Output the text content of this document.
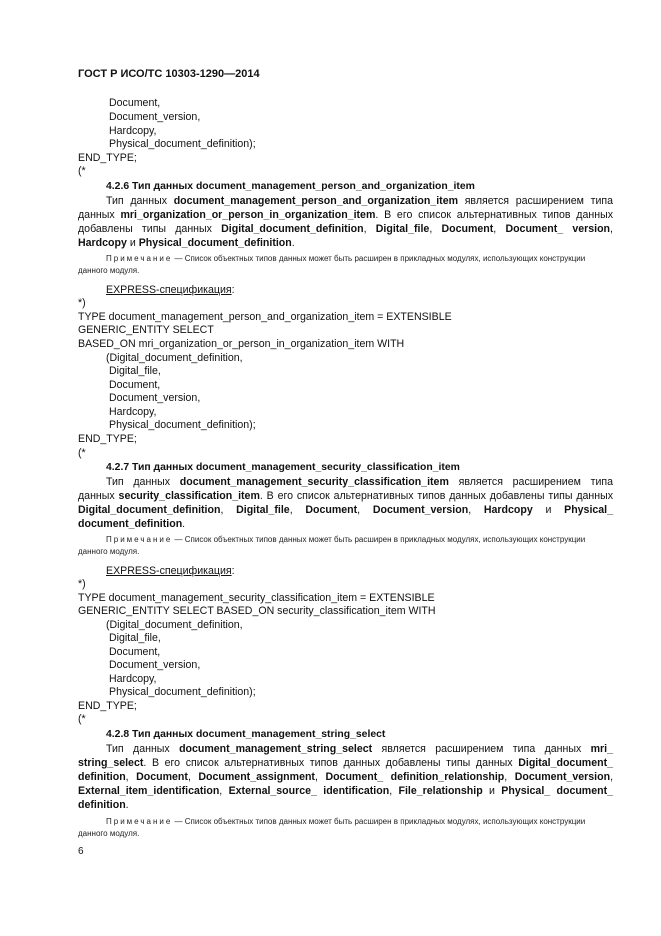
ГОСТ Р ИСО/ТС 10303-1290—2014
Document,
Document_version,
Hardcopy,
Physical_document_definition);
END_TYPE;
(*
4.2.6 Тип данных document_management_person_and_organization_item
Тип данных document_management_person_and_organization_item является расширением типа данных mri_organization_or_person_in_organization_item. В его список альтернативных типов данных добавлены типы данных Digital_document_definition, Digital_file, Document, Document_ version, Hardcopy и Physical_document_definition.
Примечание — Список объектных типов данных может быть расширен в прикладных модулях, использующих конструкции данного модуля.
EXPRESS-спецификация:
*)
TYPE document_management_person_and_organization_item = EXTENSIBLE
GENERIC_ENTITY SELECT
BASED_ON mri_organization_or_person_in_organization_item WITH
(Digital_document_definition,
Digital_file,
Document,
Document_version,
Hardcopy,
Physical_document_definition);
END_TYPE;
(*
4.2.7 Тип данных document_management_security_classification_item
Тип данных document_management_security_classification_item является расширением типа данных security_classification_item. В его список альтернативных типов данных добавлены типы данных Digital_document_definition, Digital_file, Document, Document_version, Hardcopy и Physical_ document_definition.
Примечание — Список объектных типов данных может быть расширен в прикладных модулях, использующих конструкции данного модуля.
EXPRESS-спецификация:
*)
TYPE document_management_security_classification_item = EXTENSIBLE
GENERIC_ENTITY SELECT BASED_ON security_classification_item WITH
(Digital_document_definition,
Digital_file,
Document,
Document_version,
Hardcopy,
Physical_document_definition);
END_TYPE;
(*
4.2.8 Тип данных document_management_string_select
Тип данных document_management_string_select является расширением типа данных mri_ string_select. В его список альтернативных типов данных добавлены типы данных Digital_document_ definition, Document, Document_assignment, Document_ definition_relationship, Document_version, External_item_identification, External_source_ identification, File_relationship и Physical_ document_ definition.
Примечание — Список объектных типов данных может быть расширен в прикладных модулях, использующих конструкции данного модуля.
6
